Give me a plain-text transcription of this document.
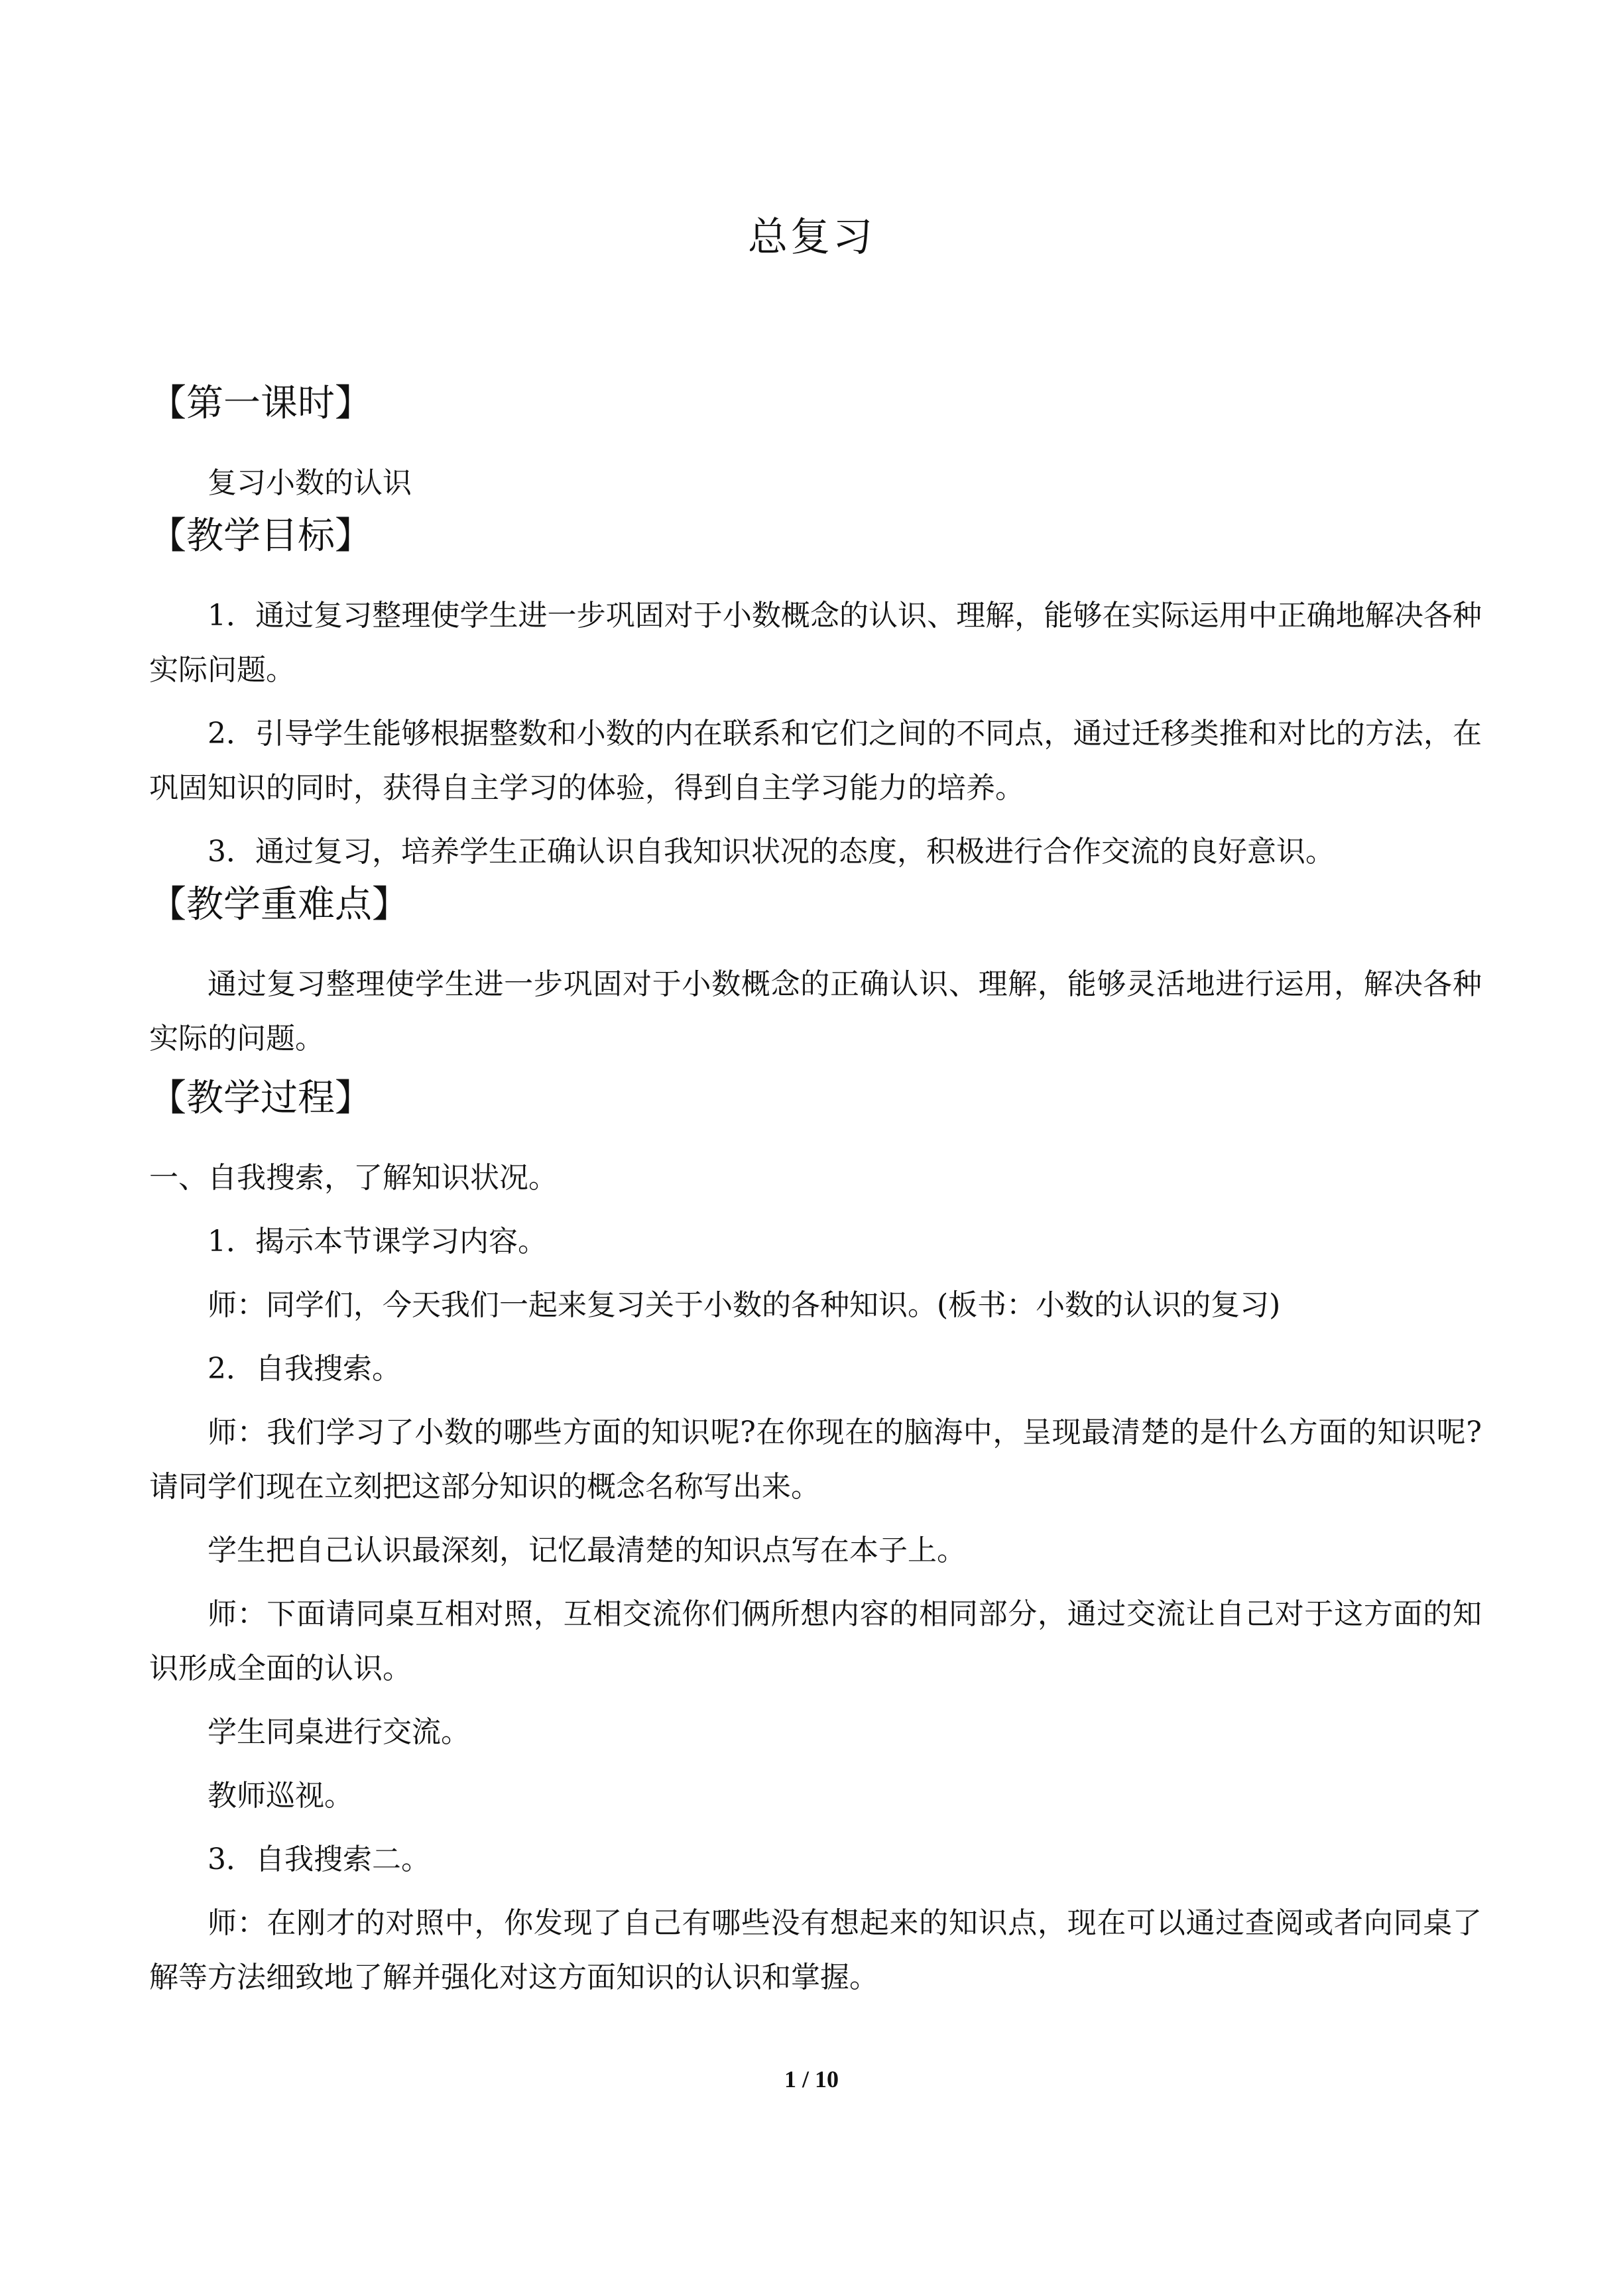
总复习
【第一课时】

复习小数的认识

【教学目标】

1．通过复习整理使学生进一步巩固对于小数概念的认识、理解，能够在实际运用中正确地解决各种实际问题。

2．引导学生能够根据整数和小数的内在联系和它们之间的不同点，通过迁移类推和对比的方法，在巩固知识的同时，获得自主学习的体验，得到自主学习能力的培养。

3．通过复习，培养学生正确认识自我知识状况的态度，积极进行合作交流的良好意识。

【教学重难点】

通过复习整理使学生进一步巩固对于小数概念的正确认识、理解，能够灵活地进行运用，解决各种实际的问题。

【教学过程】

一、自我搜索，了解知识状况。

1．揭示本节课学习内容。

师：同学们，今天我们一起来复习关于小数的各种知识。(板书：小数的认识的复习)

2．自我搜索。

师：我们学习了小数的哪些方面的知识呢?在你现在的脑海中，呈现最清楚的是什么方面的知识呢?请同学们现在立刻把这部分知识的概念名称写出来。

学生把自己认识最深刻，记忆最清楚的知识点写在本子上。

师：下面请同桌互相对照，互相交流你们俩所想内容的相同部分，通过交流让自己对于这方面的知识形成全面的认识。

学生同桌进行交流。

教师巡视。

3．自我搜索二。

师：在刚才的对照中，你发现了自己有哪些没有想起来的知识点，现在可以通过查阅或者向同桌了解等方法细致地了解并强化对这方面知识的认识和掌握。

1 / 10
